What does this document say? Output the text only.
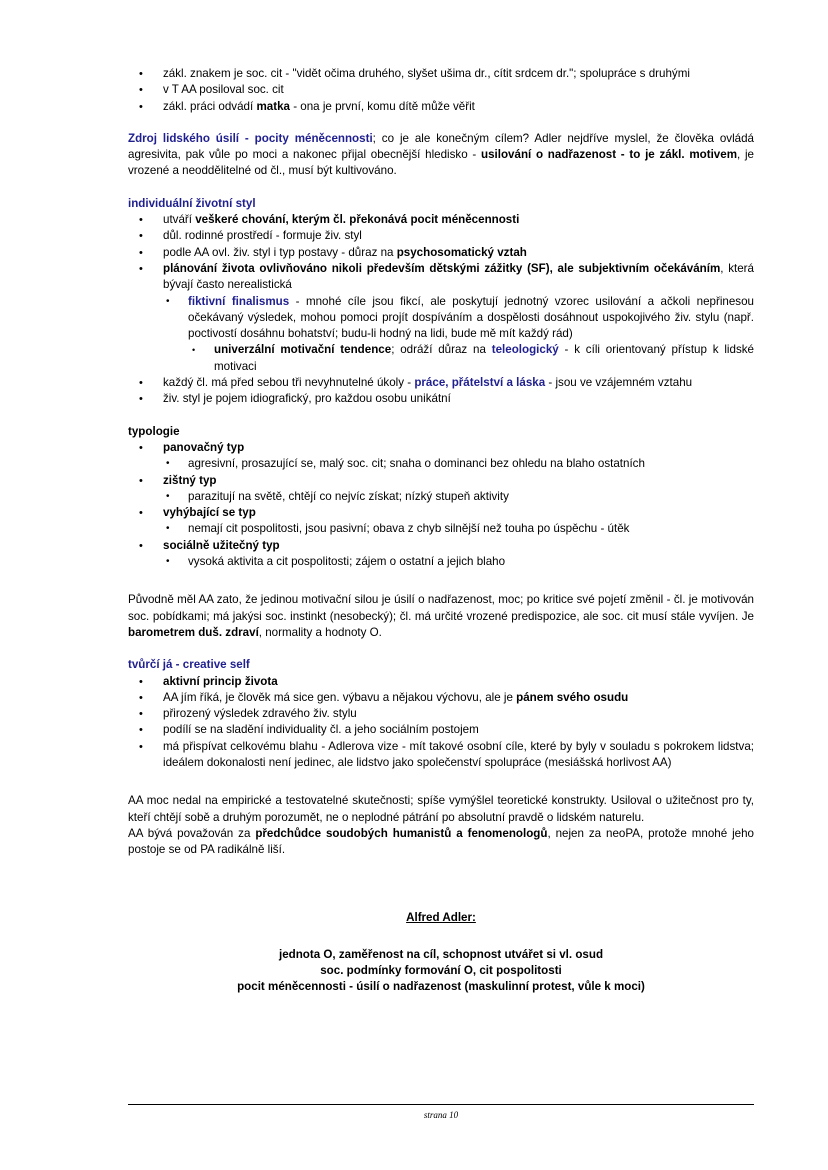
• zákl. znakem je soc. cit - "vidět očima druhého, slyšet ušima dr., cítit srdcem dr."; spolupráce s druhými
• v T AA posiloval soc. cit
• zákl. práci odvádí matka - ona je první, komu dítě může věřit

Zdroj lidského úsilí - pocity méněcennosti; co je ale konečným cílem? Adler nejdříve myslel, že člověka ovládá agresivita, pak vůle po moci a nakonec přijal obecnější hledisko - usilování o nadřazenost - to je zákl. motivem, je vrozené a neoddělitelné od čl., musí být kultivováno.

individuální životní styl
• utváří veškeré chování, kterým čl. překonává pocit méněcennosti
• důl. rodinné prostředí - formuje živ. styl
• podle AA ovl. živ. styl i typ postavy - důraz na psychosomatický vztah
• plánování života ovlivňováno nikoli především dětskými zážitky (SF), ale subjektivním očekáváním, která bývají často nerealistická
• fiktivní finalismus - mnohé cíle jsou fikcí, ale poskytují jednotný vzorec usilování a ačkoli nepřinesou očekávaný výsledek, mohou pomoci projít dospíváním a dospělosti dosáhnout uspokojivého živ. stylu (např. poctivostí dosáhnu bohatství; budu-li hodný na lidi, bude mě mít každý rád)
• univerzální motivační tendence; odráží důraz na teleologický - k cíli orientovaný přístup k lidské motivaci
• každý čl. má před sebou tři nevyhnutelné úkoly - práce, přátelství a láska - jsou ve vzájemném vztahu
• živ. styl je pojem idiografický, pro každou osobu unikátní
typologie
• panovačný typ
• agresivní, prosazující se, malý soc. cit; snaha o dominanci bez ohledu na blaho ostatních
• zištný typ
• parazitují na světě, chtějí co nejvíc získat; nízký stupeň aktivity
• vyhýbající se typ
• nemají cit pospolitosti, jsou pasivní; obava z chyb silnější než touha po úspěchu - útěk
• sociálně užitečný typ
• vysoká aktivita a cit pospolitosti; zájem o ostatní a jejich blaho

Původně měl AA zato, že jedinou motivační silou je úsilí o nadřazenost, moc; po kritice své pojetí změnil - čl. je motivován soc. pobídkami; má jakýsi soc. instinkt (nesobecký); čl. má určité vrozené predispozice, ale soc. cit musí stále vyvíjen. Je barometrem duš. zdraví, normality a hodnoty O.

tvůrčí já - creative self
• aktivní princip života
• AA jím říká, je člověk má sice gen. výbavu a nějakou výchovu, ale je pánem svého osudu
• přirozený výsledek zdravého živ. stylu
• podílí se na sladění individuality čl. a jeho sociálním postojem
• má přispívat celkovému blahu - Adlerova vize - mít takové osobní cíle, které by byly v souladu s pokrokem lidstva; ideálem dokonalosti není jedinec, ale lidstvo jako společenství spolupráce (mesiášská horlivost AA)

AA moc nedal na empirické a testovatelné skutečnosti; spíše vymýšlel teoretické konstrukty. Usiloval o užitečnost pro ty, kteří chtějí sobě a druhým porozumět, ne o neplodné pátrání po absolutní pravdě o lidském naturelu.

AA bývá považován za předchůdce soudobých humanistů a fenomenologů, nejen za neoPA, protože mnohé jeho postoje se od PA radikálně liší.

Alfred Adler:
jednota O, zaměřenost na cíl, schopnost utvářet si vl. osud
soc. podmínky formování O, cit pospolitosti
pocit méněcennosti - úsilí o nadřazenost (maskulinní protest, vůle k moci)
strana 10
